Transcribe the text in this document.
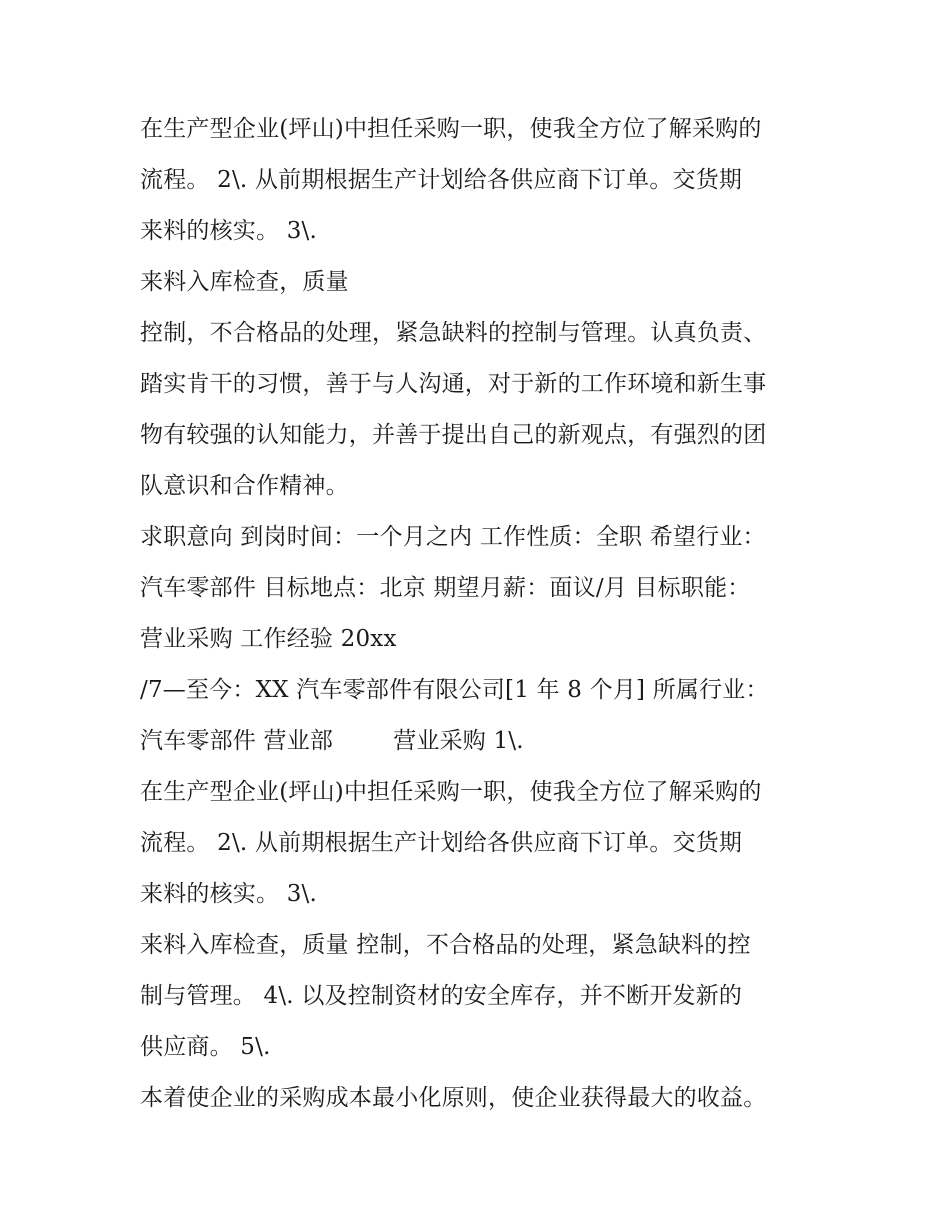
在生产型企业(坪山)中担任采购一职，使我全方位了解采购的
流程。 2\. 从前期根据生产计划给各供应商下订单。交货期
来料的核实。 3\.
来料入库检查，质量
控制，不合格品的处理，紧急缺料的控制与管理。认真负责、
踏实肯干的习惯，善于与人沟通，对于新的工作环境和新生事
物有较强的认知能力，并善于提出自己的新观点，有强烈的团
队意识和合作精神。
求职意向 到岗时间：一个月之内 工作性质：全职 希望行业：
汽车零部件 目标地点：北京 期望月薪：面议/月 目标职能：
营业采购 工作经验 20xx
/7—至今：XX 汽车零部件有限公司[1 年 8 个月] 所属行业：
汽车零部件 营业部        营业采购 1\.
在生产型企业(坪山)中担任采购一职，使我全方位了解采购的
流程。 2\. 从前期根据生产计划给各供应商下订单。交货期
来料的核实。 3\.
来料入库检查，质量 控制，不合格品的处理，紧急缺料的控
制与管理。 4\. 以及控制资材的安全库存，并不断开发新的
供应商。 5\.
本着使企业的采购成本最小化原则，使企业获得最大的收益。
